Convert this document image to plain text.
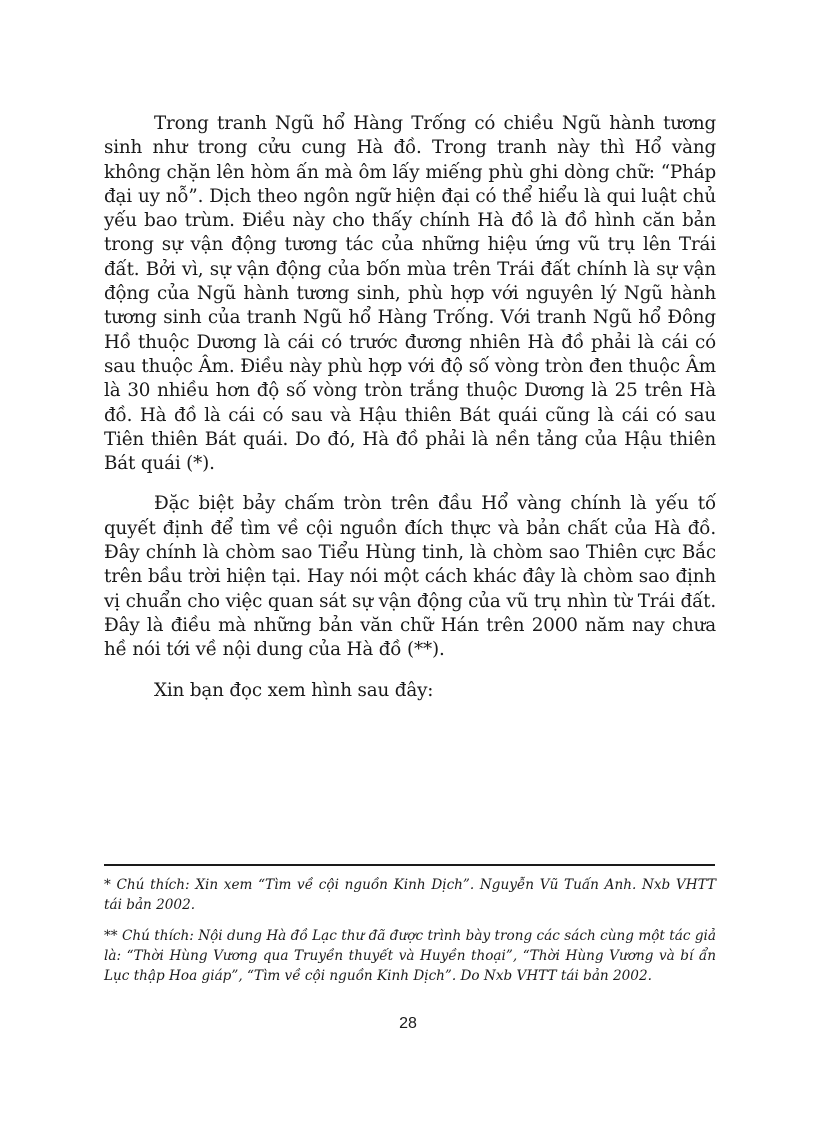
Trong tranh Ngũ hổ Hàng Trống có chiều Ngũ hành tương sinh như trong cửu cung Hà đồ. Trong tranh này thì Hổ vàng không chặn lên hòm ấn mà ôm lấy miếng phù ghi dòng chữ: “Pháp đại uy nỗ”. Dịch theo ngôn ngữ hiện đại có thể hiểu là qui luật chủ yếu bao trùm. Điều này cho thấy chính Hà đồ là đồ hình căn bản trong sự vận động tương tác của những hiệu ứng vũ trụ lên Trái đất. Bởi vì, sự vận động của bốn mùa trên Trái đất chính là sự vận động của Ngũ hành tương sinh, phù hợp với nguyên lý Ngũ hành tương sinh của tranh Ngũ hổ Hàng Trống. Với tranh Ngũ hổ Đông Hồ thuộc Dương là cái có trước đương nhiên Hà đồ phải là cái có sau thuộc Âm. Điều này phù hợp với độ số vòng tròn đen thuộc Âm là 30 nhiều hơn độ số vòng tròn trắng thuộc Dương là 25 trên Hà đồ. Hà đồ là cái có sau và Hậu thiên Bát quái cũng là cái có sau Tiên thiên Bát quái. Do đó, Hà đồ phải là nền tảng của Hậu thiên Bát quái (*).

Đặc biệt bảy chấm tròn trên đầu Hổ vàng chính là yếu tố quyết định để tìm về cội nguồn đích thực và bản chất của Hà đồ. Đây chính là chòm sao Tiểu Hùng tinh, là chòm sao Thiên cực Bắc trên bầu trời hiện tại. Hay nói một cách khác đây là chòm sao định vị chuẩn cho việc quan sát sự vận động của vũ trụ nhìn từ Trái đất. Đây là điều mà những bản văn chữ Hán trên 2000 năm nay chưa hề nói tới về nội dung của Hà đồ (**).

Xin bạn đọc xem hình sau đây:

* Chú thích: Xin xem “Tìm về cội nguồn Kinh Dịch”. Nguyễn Vũ Tuấn Anh. Nxb VHTT tái bản 2002.

** Chú thích: Nội dung Hà đồ Lạc thư đã được trình bày trong các sách cùng một tác giả là: “Thời Hùng Vương qua Truyền thuyết và Huyền thoại”, “Thời Hùng Vương và bí ẩn Lục thập Hoa giáp”, “Tìm về cội nguồn Kinh Dịch”. Do Nxb VHTT tái bản 2002.

28
